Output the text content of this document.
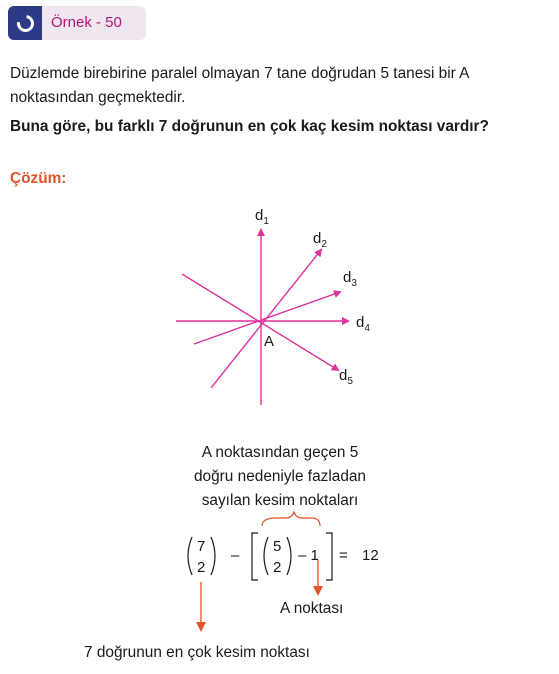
Örnek - 50
Düzlemde birebirine paralel olmayan 7 tane doğrudan 5 tanesi bir A noktasından geçmektedir.
Buna göre, bu farklı 7 doğrunun en çok kaç kesim noktası vardır?
Çözüm:
$d_1$
$d_2$
$d_3$
$d_4$
$d_5$
A
7
2
–
5
2
– 1 = 12
A noktasından geçen 5
doğru nedeniyle fazladan
sayılan kesim noktaları
A noktası
7 doğrunun en çok kesim noktası
